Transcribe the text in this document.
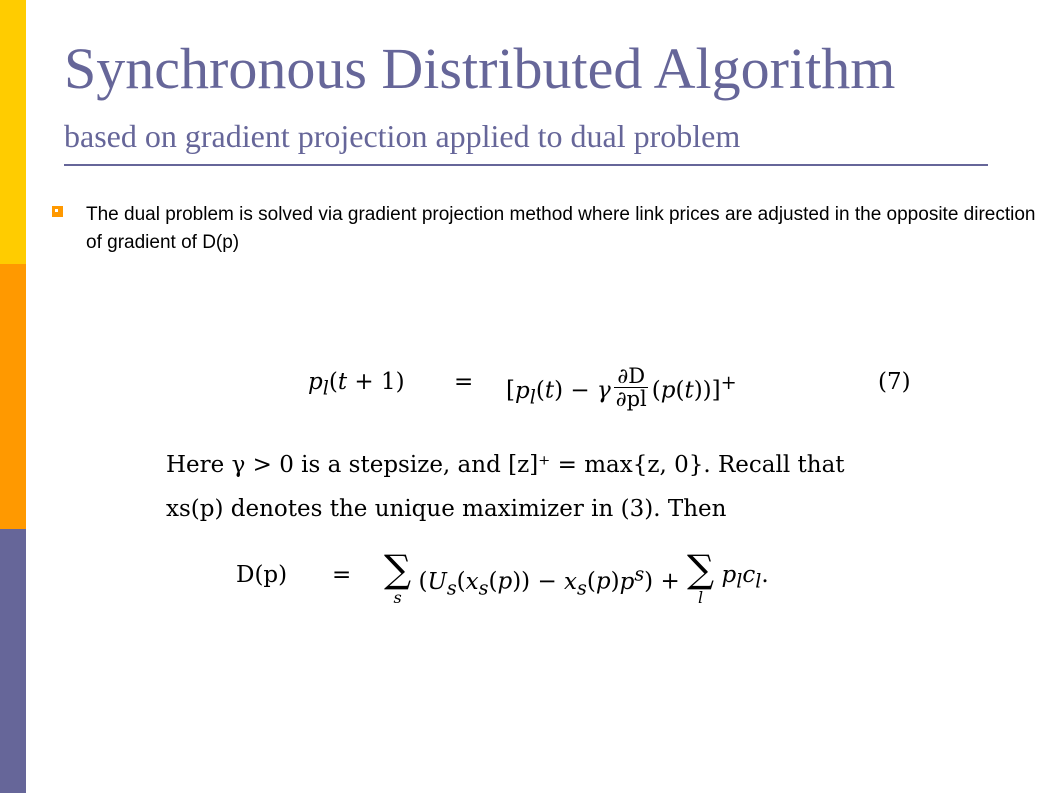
Synchronous Distributed Algorithm
based on gradient projection applied to dual problem
The dual problem is solved via gradient projection method where link prices are adjusted in the opposite direction of gradient of D(p)
$p_l(t + 1) = [p_l(t) - \gamma \frac{\partial D}{\partial pl} (p(t))]^+$	(7)
Here γ > 0 is a stepsize, and [z]⁺ = max{z, 0}. Recall that
xs(p) denotes the unique maximizer in (3). Then
D(p) = ∑
s
$(U_s(x_s(p)) - x_s(p)p^s)$ + ∑
l
$p_lc_l$.
